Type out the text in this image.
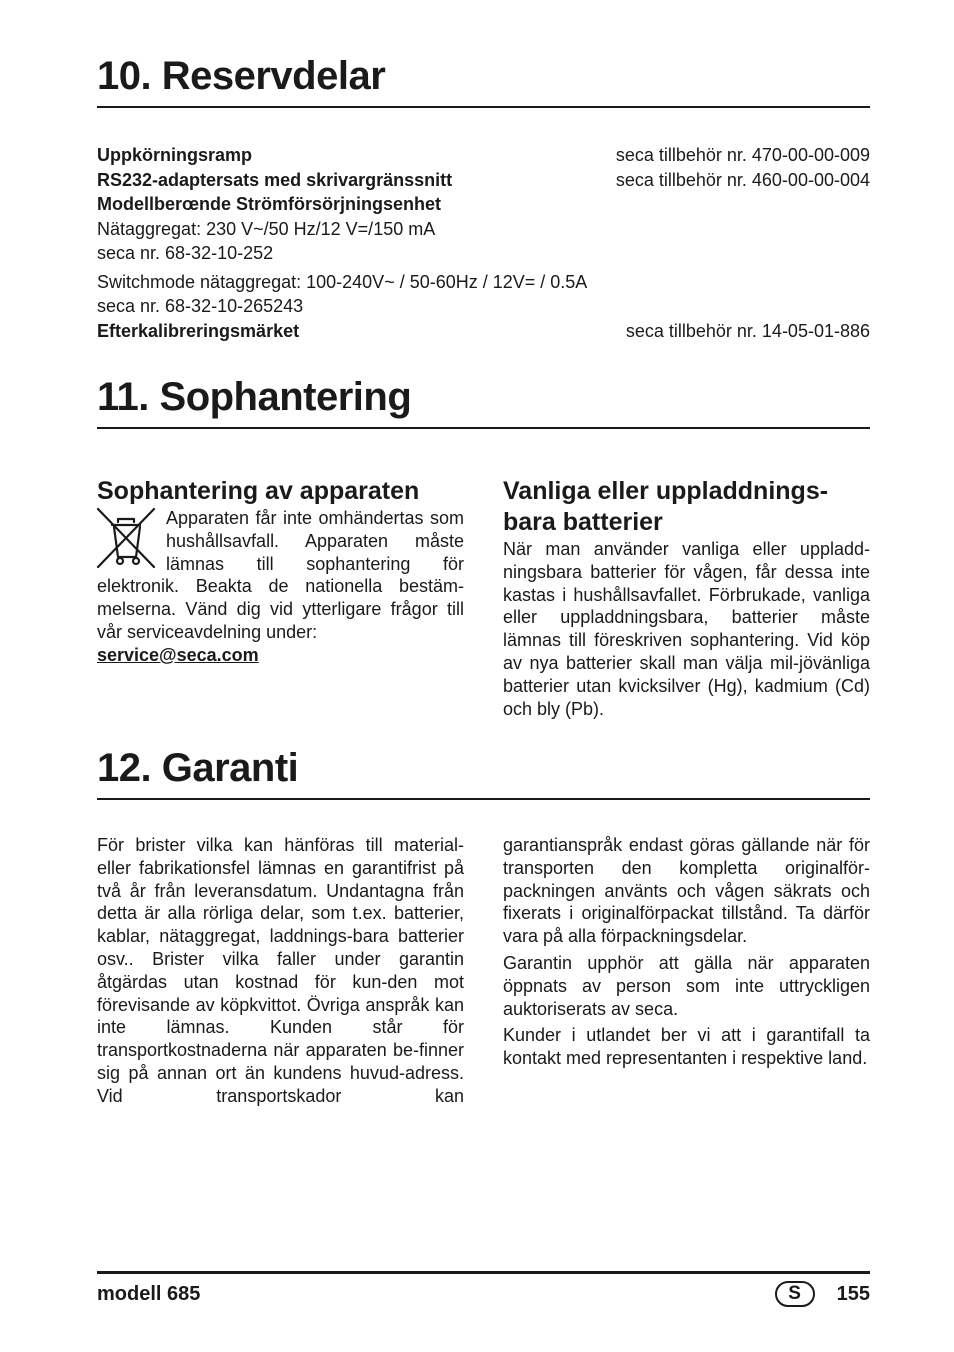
10. Reservdelar
Uppkörningsramp	seca tillbehör nr. 470-00-00-009
RS232-adaptersats med skrivargränssnitt	seca tillbehör nr. 460-00-00-004
Modellberœnde Strömförsörjningsenhet
Nätaggregat: 230 V~/50 Hz/12 V=/150 mA
seca nr. 68-32-10-252
Switchmode nätaggregat: 100-240V~ / 50-60Hz / 12V= / 0.5A
seca nr. 68-32-10-265243
Efterkalibreringsmärket	seca tillbehör nr. 14-05-01-886
11. Sophantering
Sophantering av apparaten

Apparaten får inte omhändertas som hushållsavfall. Apparaten måste lämnas till sophantering för elektronik. Beakta de nationella bestäm-melserna. Vänd dig vid ytterligare frågor till vår serviceavdelning under:

service@seca.com

Vanliga eller uppladdnings-
bara batterier

När man använder vanliga eller uppladd-ningsbara batterier för vågen, får dessa inte kastas i hushållsavfallet. Förbrukade, vanliga eller uppladdningsbara, batterier måste lämnas till föreskriven sophantering. Vid köp av nya batterier skall man välja mil-jövänliga batterier utan kvicksilver (Hg), kadmium (Cd) och bly (Pb).

12. Garanti

För brister vilka kan hänföras till material- eller fabrikationsfel lämnas en garantifrist på två år från leveransdatum. Undantagna från detta är alla rörliga delar, som t.ex. batterier, kablar, nätaggregat, laddnings-bara batterier osv.. Brister vilka faller under garantin åtgärdas utan kostnad för kun-den mot förevisande av köpkvittot. Övriga anspråk kan inte lämnas. Kunden står för transportkostnaderna när apparaten be-finner sig på annan ort än kundens huvud-adress. Vid transportskador kan

garantianspråk endast göras gällande när för transporten den kompletta originalför-packningen använts och vågen säkrats och fixerats i originalförpackat tillstånd. Ta därför vara på alla förpackningsdelar.

Garantin upphör att gälla när apparaten öppnats av person som inte uttryckligen auktoriserats av seca.

Kunder i utlandet ber vi att i garantifall ta kontakt med representanten i respektive land.

modell 685	S	155
